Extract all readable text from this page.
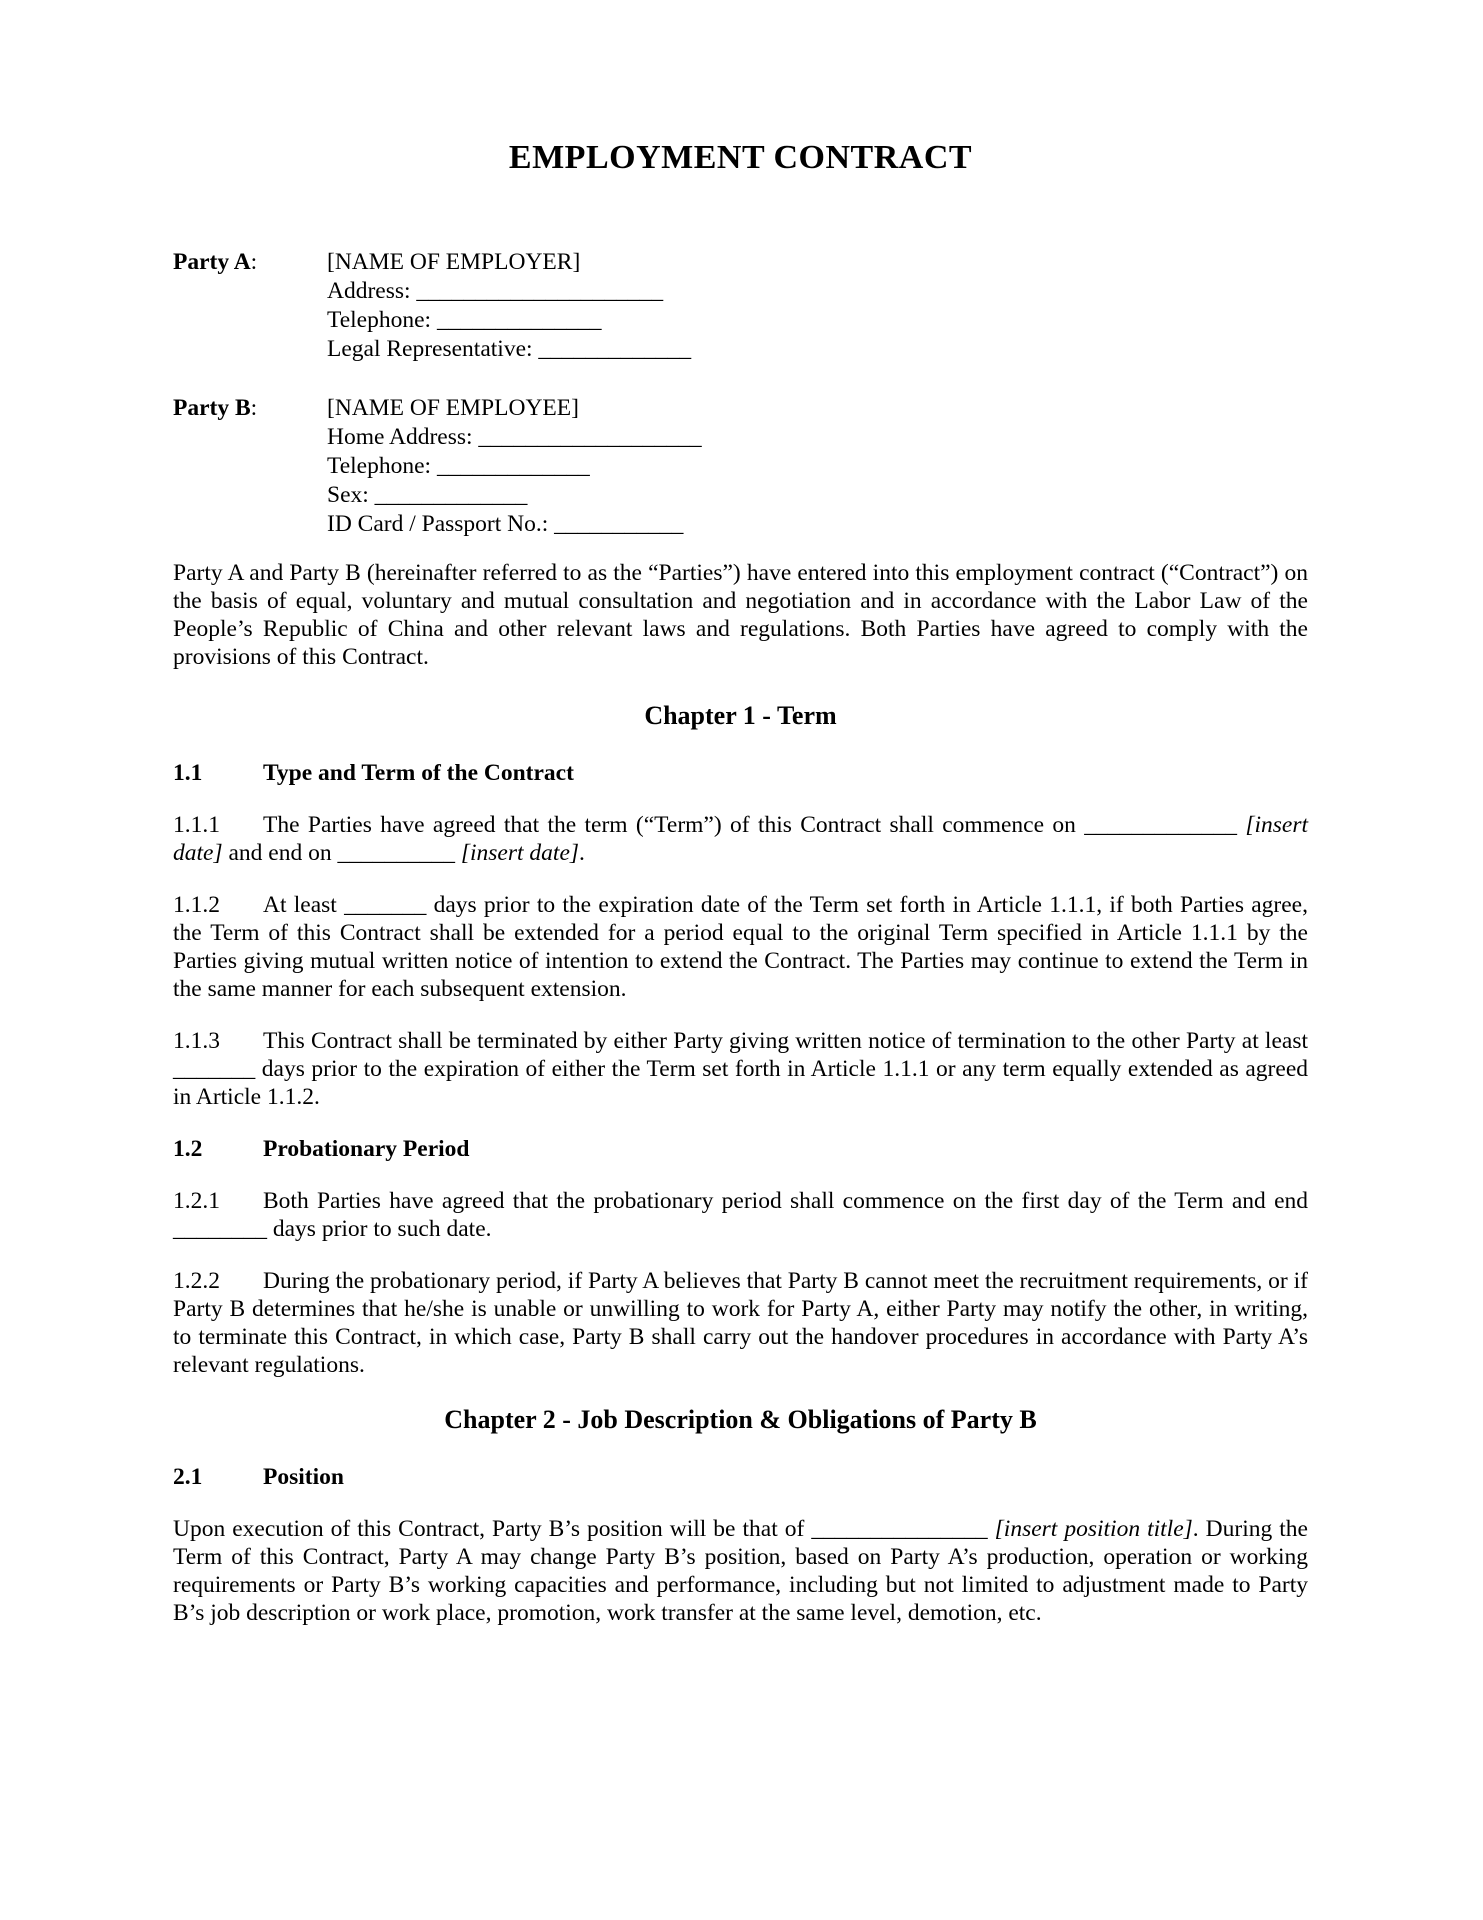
EMPLOYMENT CONTRACT
Party A:	[NAME OF EMPLOYER]
Address: _____________________
Telephone: ______________
Legal Representative: _____________
Party B:	[NAME OF EMPLOYEE]
Home Address: ___________________
Telephone: _____________
Sex: _____________
ID Card / Passport No.: ___________

Party A and Party B (hereinafter referred to as the “Parties”) have entered into this employment contract (“Contract”) on the basis of equal, voluntary and mutual consultation and negotiation and in accordance with the Labor Law of the People’s Republic of China and other relevant laws and regulations. Both Parties have agreed to comply with the provisions of this Contract.

Chapter 1 - Term
1.1	Type and Term of the Contract

1.1.1 The Parties have agreed that the term (“Term”) of this Contract shall commence on _____________ [insert date] and end on __________ [insert date].

1.1.2 At least _______ days prior to the expiration date of the Term set forth in Article 1.1.1, if both Parties agree, the Term of this Contract shall be extended for a period equal to the original Term specified in Article 1.1.1 by the Parties giving mutual written notice of intention to extend the Contract. The Parties may continue to extend the Term in the same manner for each subsequent extension.

1.1.3 This Contract shall be terminated by either Party giving written notice of termination to the other Party at least _______ days prior to the expiration of either the Term set forth in Article 1.1.1 or any term equally extended as agreed in Article 1.1.2.

1.2	Probationary Period

1.2.1 Both Parties have agreed that the probationary period shall commence on the first day of the Term and end ________ days prior to such date.

1.2.2 During the probationary period, if Party A believes that Party B cannot meet the recruitment requirements, or if Party B determines that he/she is unable or unwilling to work for Party A, either Party may notify the other, in writing, to terminate this Contract, in which case, Party B shall carry out the handover procedures in accordance with Party A’s relevant regulations.

Chapter 2 - Job Description & Obligations of Party B
2.1	Position

Upon execution of this Contract, Party B’s position will be that of _______________ [insert position title]. During the Term of this Contract, Party A may change Party B’s position, based on Party A’s production, operation or working requirements or Party B’s working capacities and performance, including but not limited to adjustment made to Party B’s job description or work place, promotion, work transfer at the same level, demotion, etc.
